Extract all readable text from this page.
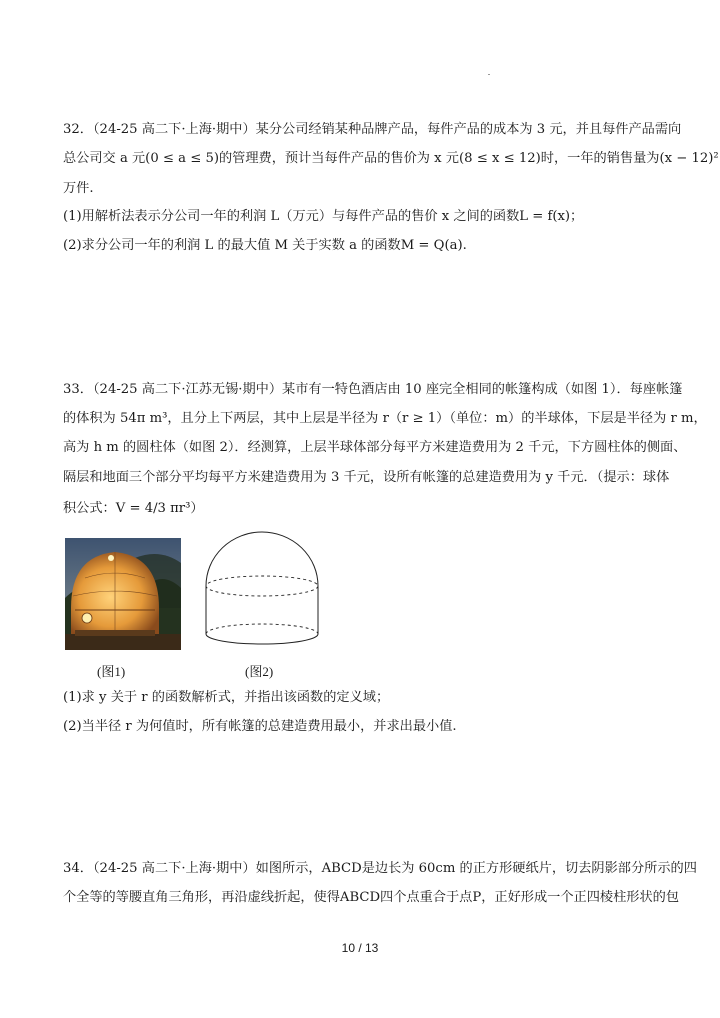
32．（24-25 高二下·上海·期中）某分公司经销某种品牌产品，每件产品的成本为 3 元，并且每件产品需向
总公司交 a 元(0 ≤ a ≤ 5)的管理费，预计当每件产品的售价为 x 元(8 ≤ x ≤ 12)时，一年的销售量为(x − 12)²
万件.
(1)用解析法表示分公司一年的利润 L（万元）与每件产品的售价 x 之间的函数L = f(x)；
(2)求分公司一年的利润 L 的最大值 M 关于实数 a 的函数M = Q(a).
33．（24-25 高二下·江苏无锡·期中）某市有一特色酒店由 10 座完全相同的帐篷构成（如图 1）．每座帐篷
的体积为 54π m³，且分上下两层，其中上层是半径为 r（r ≥ 1）（单位：m）的半球体，下层是半径为 r m，
高为 h m 的圆柱体（如图 2）．经测算，上层半球体部分每平方米建造费用为 2 千元，下方圆柱体的侧面、
隔层和地面三个部分平均每平方米建造费用为 3 千元，设所有帐篷的总建造费用为 y 千元．（提示：球体
积公式：V = 4/3 πr³）
(图1)	(图2)
(1)求 y 关于 r 的函数解析式，并指出该函数的定义域；
(2)当半径 r 为何值时，所有帐篷的总建造费用最小，并求出最小值.
34．（24-25 高二下·上海·期中）如图所示，ABCD是边长为 60cm 的正方形硬纸片，切去阴影部分所示的四
个全等的等腰直角三角形，再沿虚线折起，使得ABCD四个点重合于点P，正好形成一个正四棱柱形状的包
10 / 13
